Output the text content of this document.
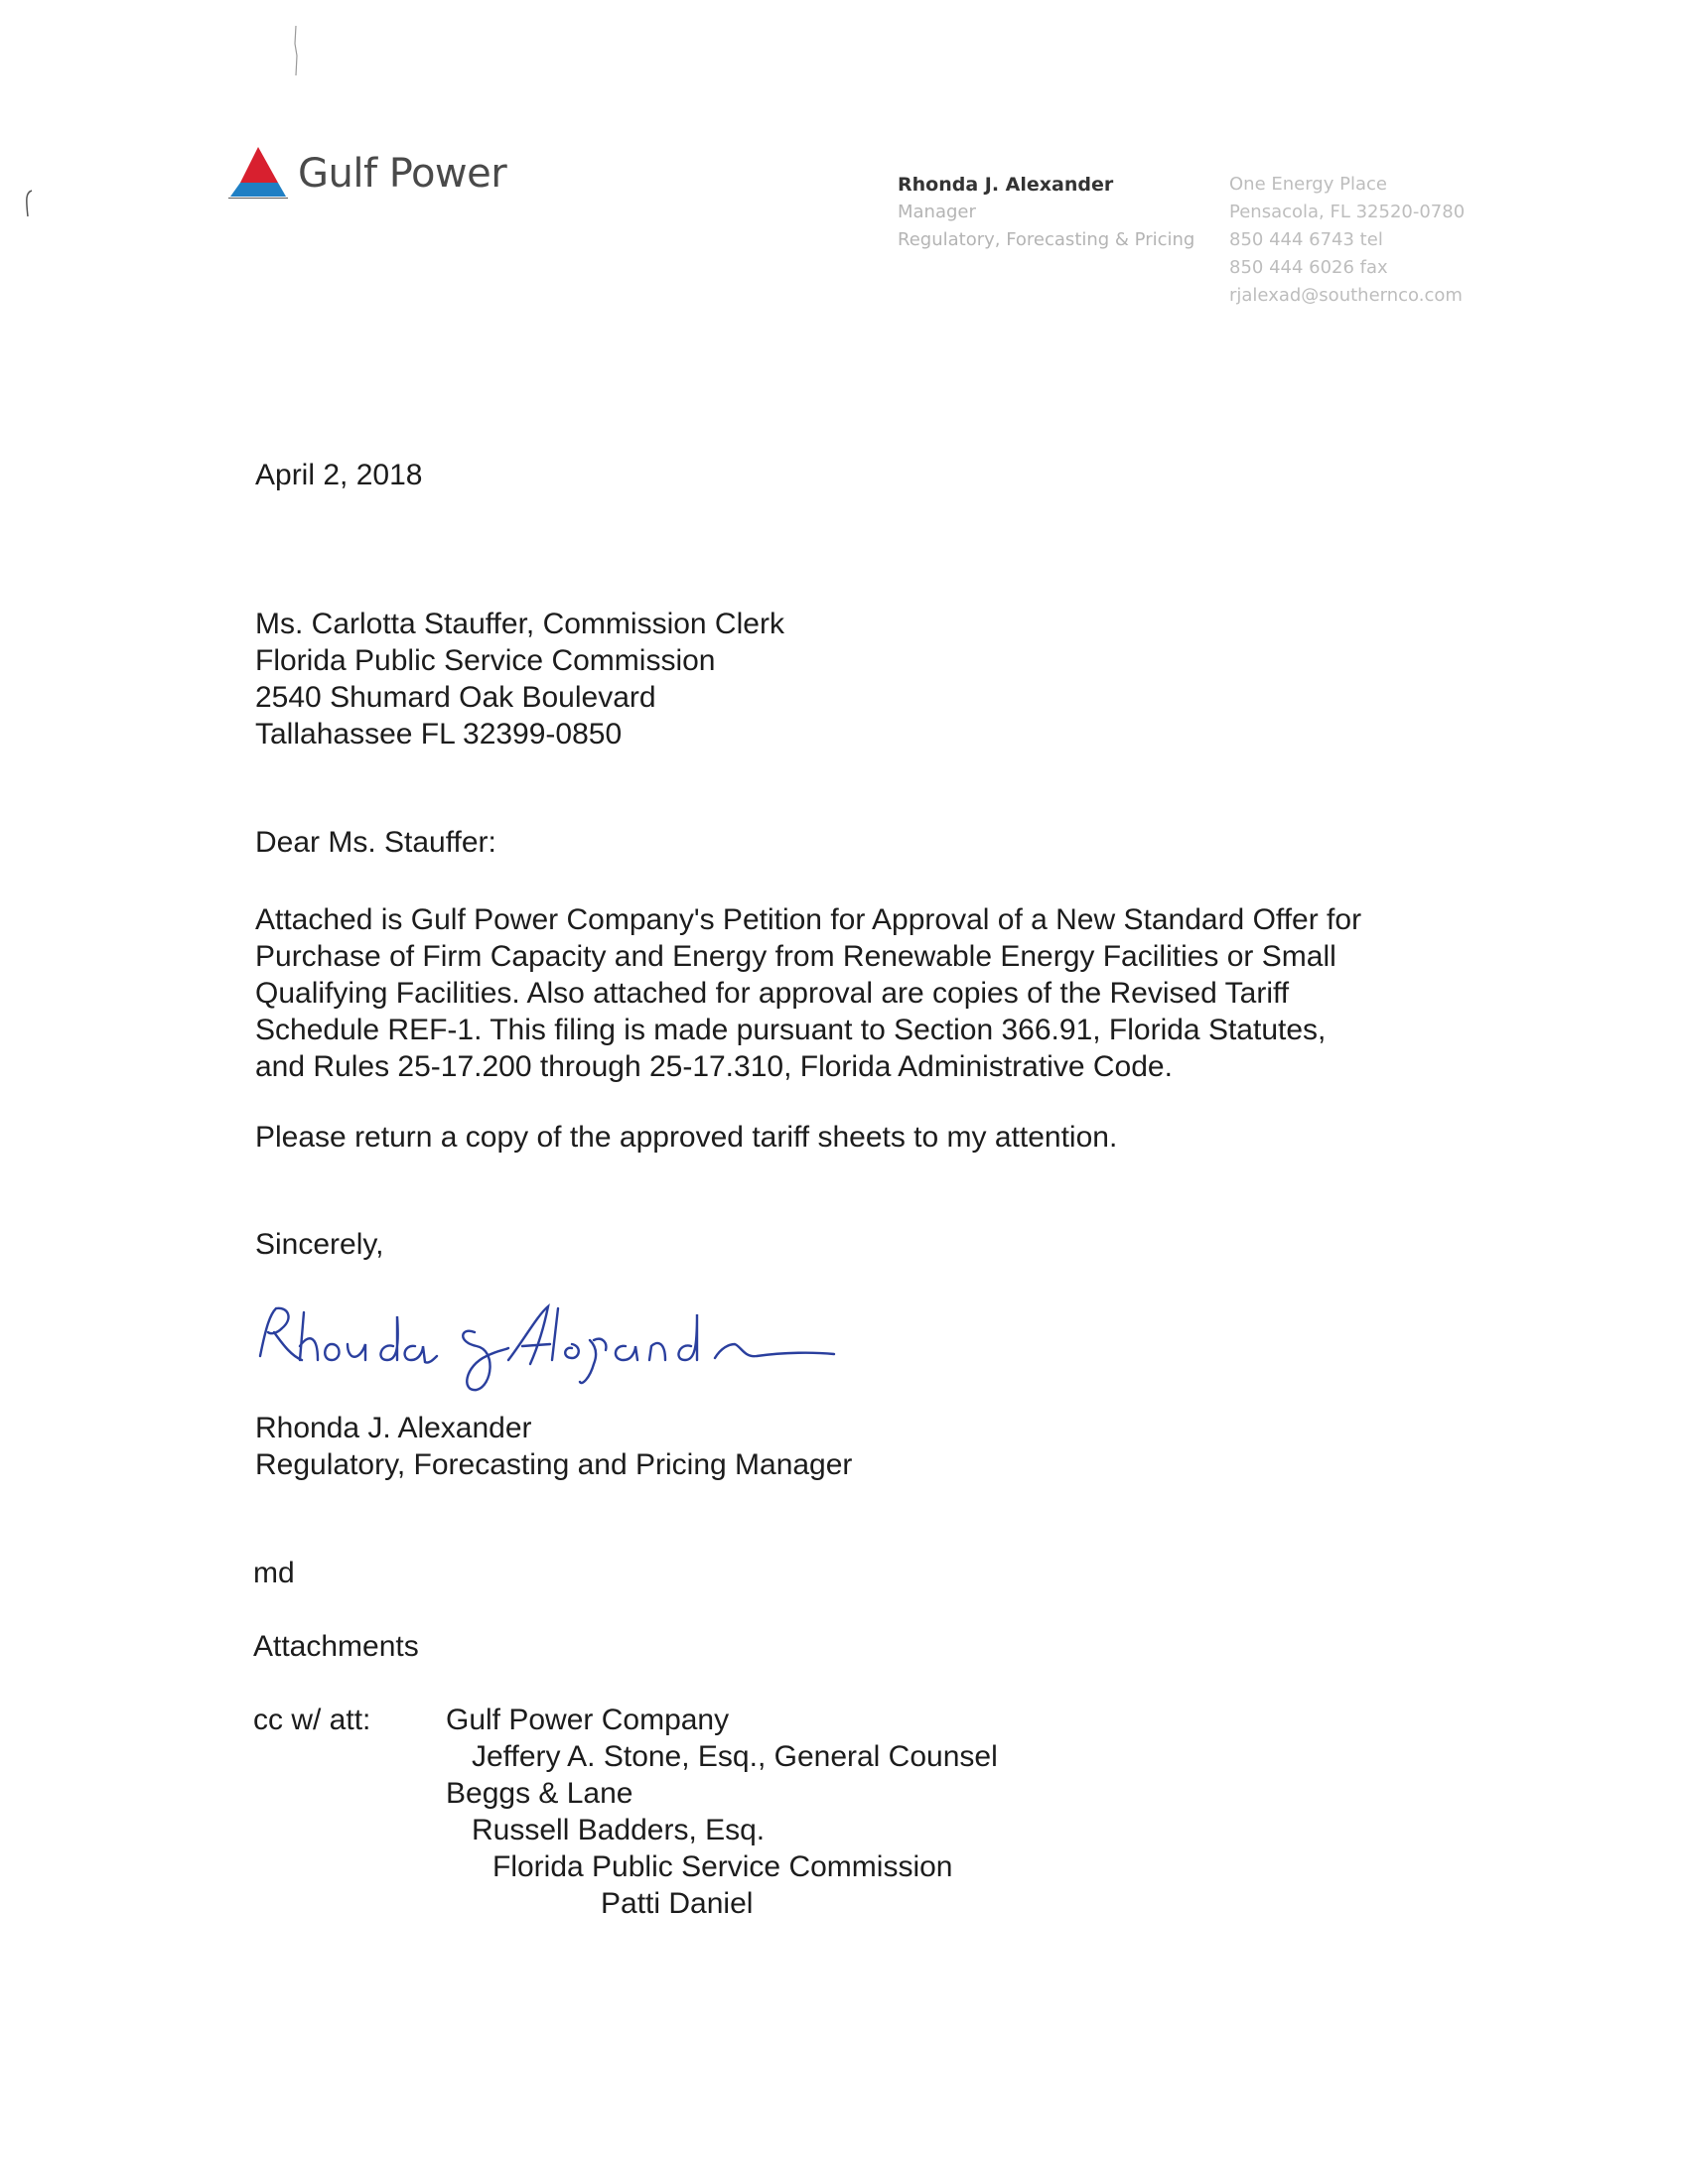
Gulf Power	Rhonda J. Alexander
Manager
Regulatory, Forecasting & Pricing
One Energy Place
Pensacola, FL 32520-0780
850 444 6743 tel
850 444 6026 fax
rjalexad@southernco.com
April 2, 2018
Ms. Carlotta Stauffer, Commission Clerk
Florida Public Service Commission
2540 Shumard Oak Boulevard
Tallahassee FL 32399-0850
Dear Ms. Stauffer:
Attached is Gulf Power Company's Petition for Approval of a New Standard Offer for
Purchase of Firm Capacity and Energy from Renewable Energy Facilities or Small
Qualifying Facilities. Also attached for approval are copies of the Revised Tariff
Schedule REF-1. This filing is made pursuant to Section 366.91, Florida Statutes,
and Rules 25-17.200 through 25-17.310, Florida Administrative Code.
Please return a copy of the approved tariff sheets to my attention.
Sincerely,
Rhonda J. Alexander
Regulatory, Forecasting and Pricing Manager
md
Attachments
cc w/ att:	Gulf Power Company
Jeffery A. Stone, Esq., General Counsel
Beggs & Lane
Russell Badders, Esq.
Florida Public Service Commission
Patti Daniel
